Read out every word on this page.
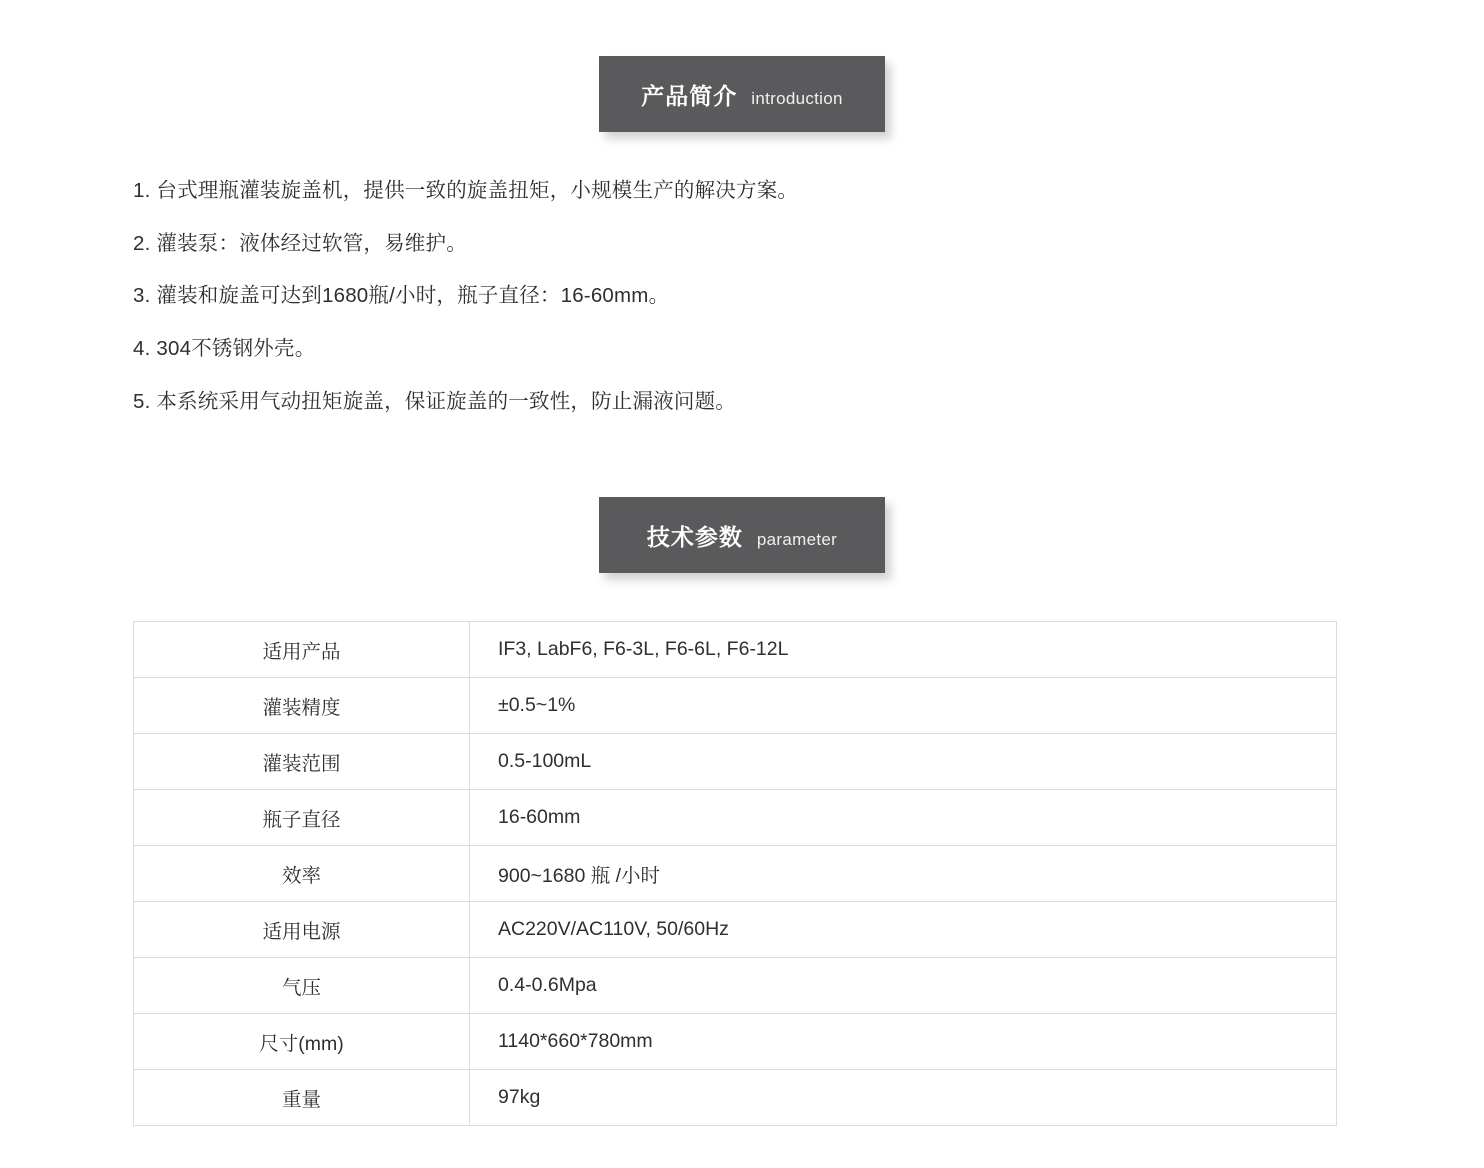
产品简介 introduction
1. 台式理瓶灌装旋盖机，提供一致的旋盖扭矩，小规模生产的解决方案。
2. 灌装泵：液体经过软管，易维护。
3. 灌装和旋盖可达到1680瓶/小时，瓶子直径：16-60mm。
4. 304不锈钢外壳。
5. 本系统采用气动扭矩旋盖，保证旋盖的一致性，防止漏液问题。
技术参数 parameter
适用产品	IF3, LabF6, F6-3L, F6-6L, F6-12L
灌装精度	±0.5~1%
灌装范围	0.5-100mL
瓶子直径	16-60mm
效率	900~1680 瓶 /小时
适用电源	AC220V/AC110V, 50/60Hz
气压	0.4-0.6Mpa
尺寸(mm)	1140*660*780mm
重量	97kg
